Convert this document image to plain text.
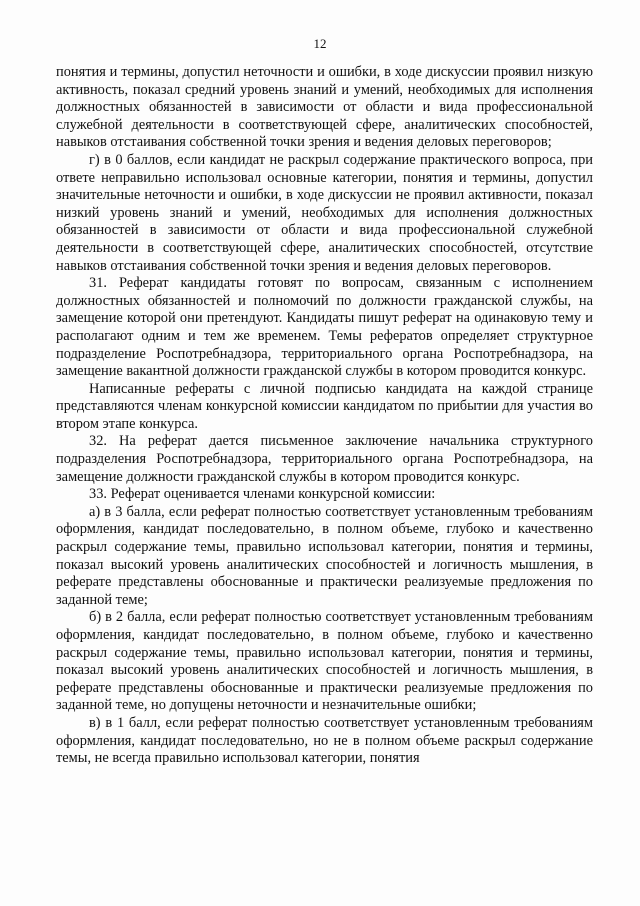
12

понятия и термины, допустил неточности и ошибки, в ходе дискуссии проявил низкую активность, показал средний уровень знаний и умений, необходимых для исполнения должностных обязанностей в зависимости от области и вида профессиональной служебной деятельности в соответствующей сфере, аналитических способностей, навыков отстаивания собственной точки зрения и ведения деловых переговоров;

г) в 0 баллов, если кандидат не раскрыл содержание практического вопроса, при ответе неправильно использовал основные категории, понятия и термины, допустил значительные неточности и ошибки, в ходе дискуссии не проявил активности, показал низкий уровень знаний и умений, необходимых для исполнения должностных обязанностей в зависимости от области и вида профессиональной служебной деятельности в соответствующей сфере, аналитических способностей, отсутствие навыков отстаивания собственной точки зрения и ведения деловых переговоров.

31. Реферат кандидаты готовят по вопросам, связанным с исполнением должностных обязанностей и полномочий по должности гражданской службы, на замещение которой они претендуют. Кандидаты пишут реферат на одинаковую тему и располагают одним и тем же временем. Темы рефератов определяет структурное подразделение Роспотребнадзора, территориального органа Роспотребнадзора, на замещение вакантной должности гражданской службы в котором проводится конкурс.

Написанные рефераты с личной подписью кандидата на каждой странице представляются членам конкурсной комиссии кандидатом по прибытии для участия во втором этапе конкурса.

32. На реферат дается письменное заключение начальника структурного подразделения Роспотребнадзора, территориального органа Роспотребнадзора, на замещение должности гражданской службы в котором проводится конкурс.

33. Реферат оценивается членами конкурсной комиссии:

а) в 3 балла, если реферат полностью соответствует установленным требованиям оформления, кандидат последовательно, в полном объеме, глубоко и качественно раскрыл содержание темы, правильно использовал категории, понятия и термины, показал высокий уровень аналитических способностей и логичность мышления, в реферате представлены обоснованные и практически реализуемые предложения по заданной теме;

б) в 2 балла, если реферат полностью соответствует установленным требованиям оформления, кандидат последовательно, в полном объеме, глубоко и качественно раскрыл содержание темы, правильно использовал категории, понятия и термины, показал высокий уровень аналитических способностей и логичность мышления, в реферате представлены обоснованные и практически реализуемые предложения по заданной теме, но допущены неточности и незначительные ошибки;

в) в 1 балл, если реферат полностью соответствует установленным требованиям оформления, кандидат последовательно, но не в полном объеме раскрыл содержание темы, не всегда правильно использовал категории, понятия
